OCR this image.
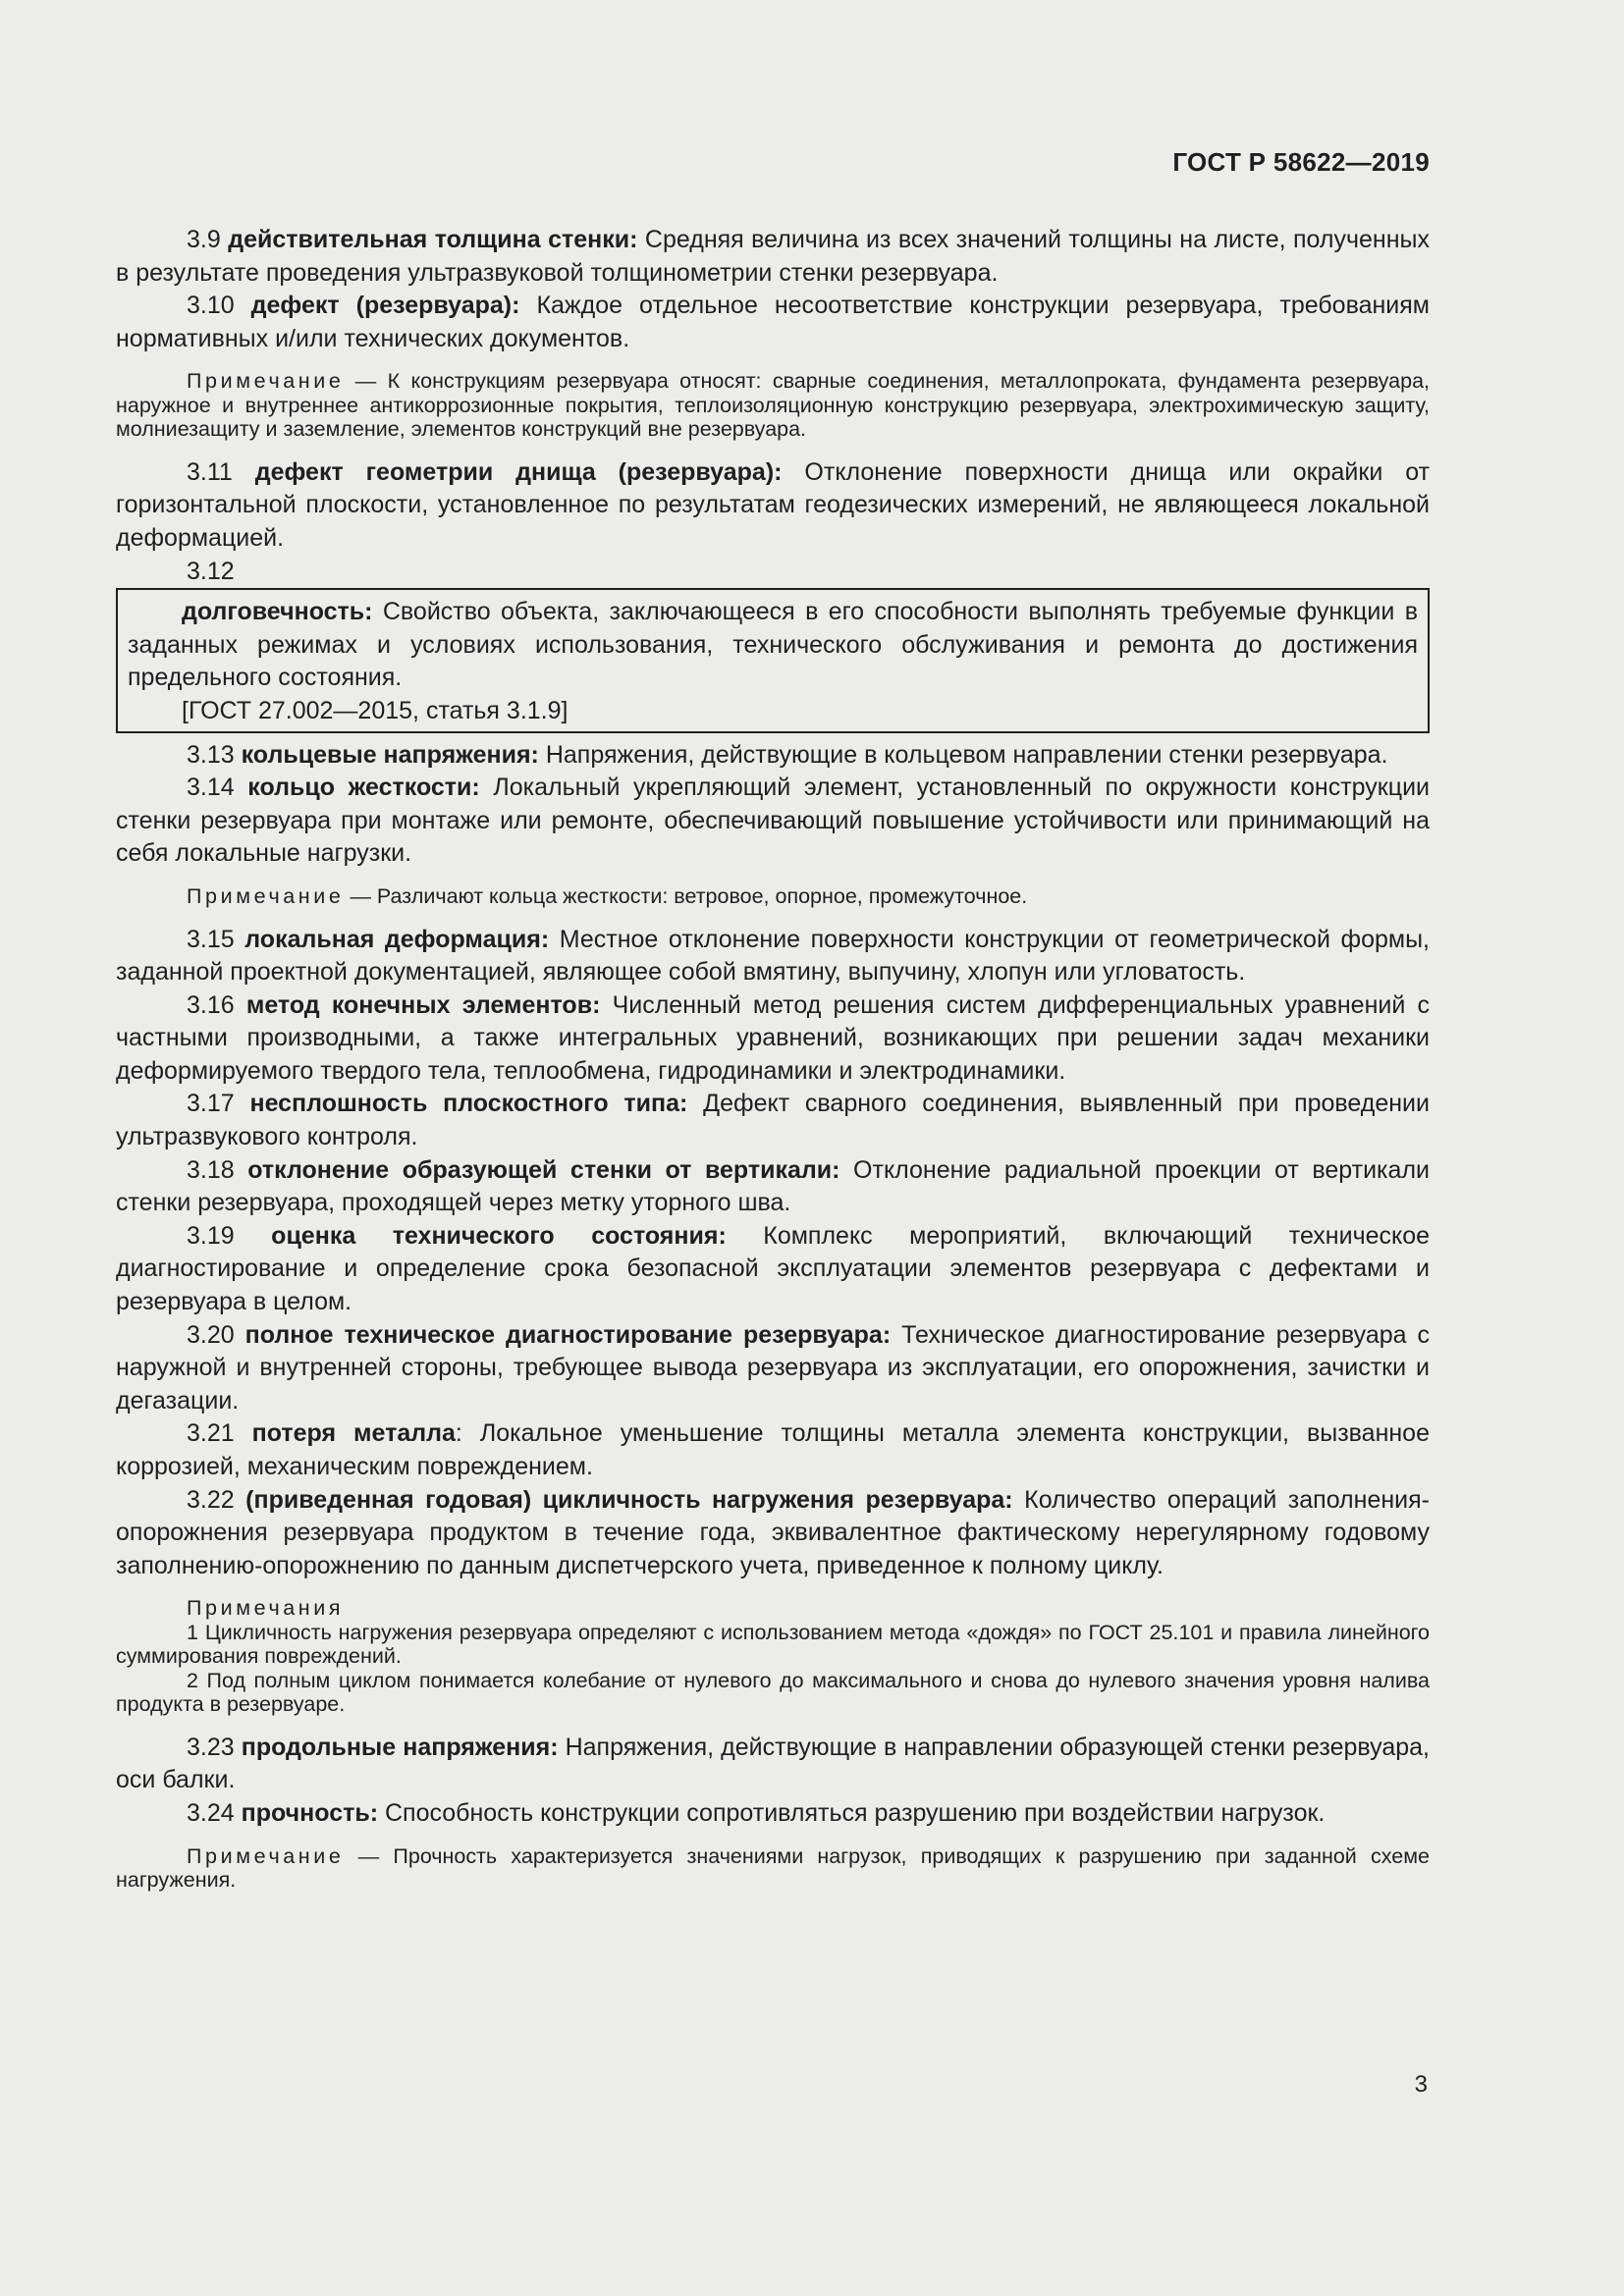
ГОСТ Р 58622—2019

3.9 действительная толщина стенки: Средняя величина из всех значений толщины на листе, полученных в результате проведения ультразвуковой толщинометрии стенки резервуара.

3.10 дефект (резервуара): Каждое отдельное несоответствие конструкции резервуара, требованиям нормативных и/или технических документов.

Примечание — К конструкциям резервуара относят: сварные соединения, металлопроката, фундамента резервуара, наружное и внутреннее антикоррозионные покрытия, теплоизоляционную конструкцию резервуара, электрохимическую защиту, молниезащиту и заземление, элементов конструкций вне резервуара.

3.11 дефект геометрии днища (резервуара): Отклонение поверхности днища или окрайки от горизонтальной плоскости, установленное по результатам геодезических измерений, не являющееся локальной деформацией.

3.12

долговечность: Свойство объекта, заключающееся в его способности выполнять требуемые функции в заданных режимах и условиях использования, технического обслуживания и ремонта до достижения предельного состояния.

[ГОСТ 27.002—2015, статья 3.1.9]

3.13 кольцевые напряжения: Напряжения, действующие в кольцевом направлении стенки резервуара.

3.14 кольцо жесткости: Локальный укрепляющий элемент, установленный по окружности конструкции стенки резервуара при монтаже или ремонте, обеспечивающий повышение устойчивости или принимающий на себя локальные нагрузки.

Примечание — Различают кольца жесткости: ветровое, опорное, промежуточное.

3.15 локальная деформация: Местное отклонение поверхности конструкции от геометрической формы, заданной проектной документацией, являющее собой вмятину, выпучину, хлопун или угловатость.

3.16 метод конечных элементов: Численный метод решения систем дифференциальных уравнений с частными производными, а также интегральных уравнений, возникающих при решении задач механики деформируемого твердого тела, теплообмена, гидродинамики и электродинамики.

3.17 несплошность плоскостного типа: Дефект сварного соединения, выявленный при проведении ультразвукового контроля.

3.18 отклонение образующей стенки от вертикали: Отклонение радиальной проекции от вертикали стенки резервуара, проходящей через метку уторного шва.

3.19 оценка технического состояния: Комплекс мероприятий, включающий техническое диагностирование и определение срока безопасной эксплуатации элементов резервуара с дефектами и резервуара в целом.

3.20 полное техническое диагностирование резервуара: Техническое диагностирование резервуара с наружной и внутренней стороны, требующее вывода резервуара из эксплуатации, его опорожнения, зачистки и дегазации.

3.21 потеря металла: Локальное уменьшение толщины металла элемента конструкции, вызванное коррозией, механическим повреждением.

3.22 (приведенная годовая) цикличность нагружения резервуара: Количество операций заполнения-опорожнения резервуара продуктом в течение года, эквивалентное фактическому нерегулярному годовому заполнению-опорожнению по данным диспетчерского учета, приведенное к полному циклу.

Примечания

1 Цикличность нагружения резервуара определяют с использованием метода «дождя» по ГОСТ 25.101 и правила линейного суммирования повреждений.

2 Под полным циклом понимается колебание от нулевого до максимального и снова до нулевого значения уровня налива продукта в резервуаре.

3.23 продольные напряжения: Напряжения, действующие в направлении образующей стенки резервуара, оси балки.

3.24 прочность: Способность конструкции сопротивляться разрушению при воздействии нагрузок.

Примечание — Прочность характеризуется значениями нагрузок, приводящих к разрушению при заданной схеме нагружения.

3
